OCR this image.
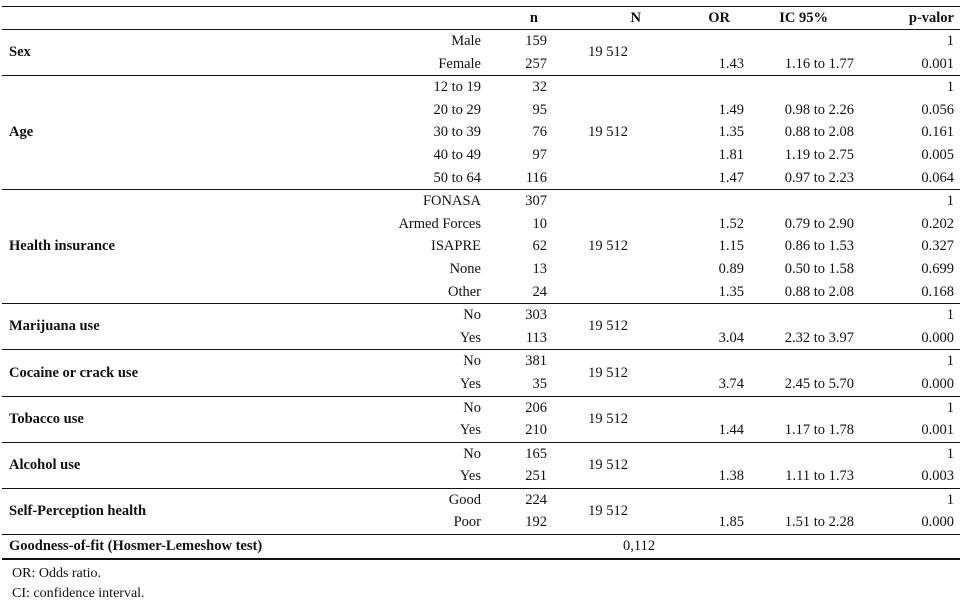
		n	N	OR	IC 95%	p-valor
Sex	Male	159	19 512			1
	Female	257		1.43	1.16 to 1.77	0.001
Age	12 to 19	32	19 512			1
	20 to 29	95		1.49	0.98 to 2.26	0.056
	30 to 39	76		1.35	0.88 to 2.08	0.161
	40 to 49	97		1.81	1.19 to 2.75	0.005
	50 to 64	116		1.47	0.97 to 2.23	0.064
Health insurance	FONASA	307	19 512			1
	Armed Forces	10		1.52	0.79 to 2.90	0.202
	ISAPRE	62		1.15	0.86 to 1.53	0.327
	None	13		0.89	0.50 to 1.58	0.699
	Other	24		1.35	0.88 to 2.08	0.168
Marijuana use	No	303	19 512			1
	Yes	113		3.04	2.32 to 3.97	0.000
Cocaine or crack use	No	381	19 512			1
	Yes	35		3.74	2.45 to 5.70	0.000
Tobacco use	No	206	19 512			1
	Yes	210		1.44	1.17 to 1.78	0.001
Alcohol use	No	165	19 512			1
	Yes	251		1.38	1.11 to 1.73	0.003
Self-Perception health	Good	224	19 512			1
	Poor	192		1.85	1.51 to 2.28	0.000
Goodness-of-fit (Hosmer-Lemeshow test)			0,112			
OR: Odds ratio.
CI: confidence interval.
